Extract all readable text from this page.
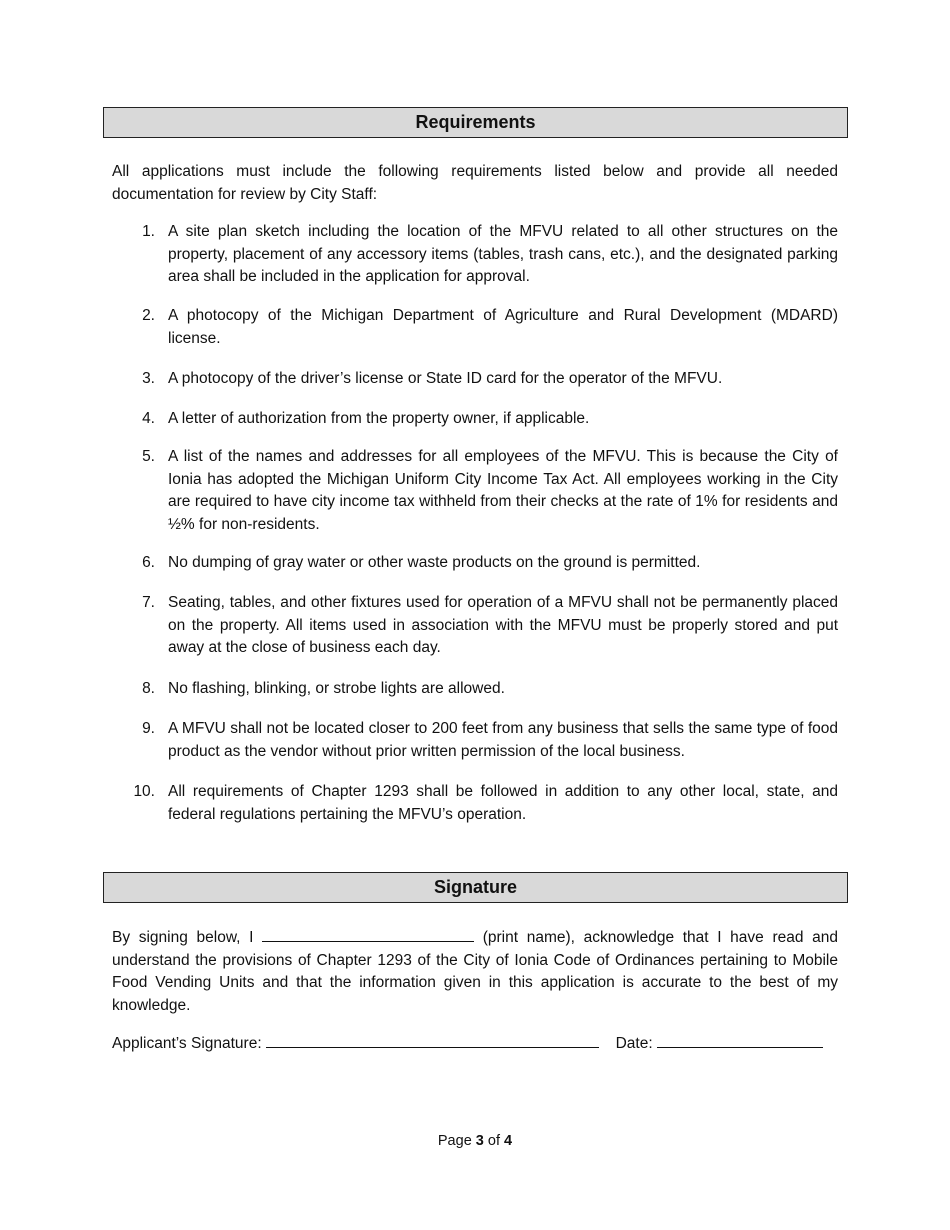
Requirements
All applications must include the following requirements listed below and provide all needed documentation for review by City Staff:
1. A site plan sketch including the location of the MFVU related to all other structures on the property, placement of any accessory items (tables, trash cans, etc.), and the designated parking area shall be included in the application for approval.
2. A photocopy of the Michigan Department of Agriculture and Rural Development (MDARD) license.
3. A photocopy of the driver’s license or State ID card for the operator of the MFVU.
4. A letter of authorization from the property owner, if applicable.
5. A list of the names and addresses for all employees of the MFVU. This is because the City of Ionia has adopted the Michigan Uniform City Income Tax Act. All employees working in the City are required to have city income tax withheld from their checks at the rate of 1% for residents and ½% for non-residents.
6. No dumping of gray water or other waste products on the ground is permitted.
7. Seating, tables, and other fixtures used for operation of a MFVU shall not be permanently placed on the property. All items used in association with the MFVU must be properly stored and put away at the close of business each day.
8. No flashing, blinking, or strobe lights are allowed.
9. A MFVU shall not be located closer to 200 feet from any business that sells the same type of food product as the vendor without prior written permission of the local business.
10. All requirements of Chapter 1293 shall be followed in addition to any other local, state, and federal regulations pertaining the MFVU’s operation.
Signature
By signing below, I	(print name), acknowledge that I have read and understand the provisions of Chapter 1293 of the City of Ionia Code of Ordinances pertaining to Mobile Food Vending Units and that the information given in this application is accurate to the best of my knowledge.
Applicant’s Signature:	Date:
Page 3 of 4
